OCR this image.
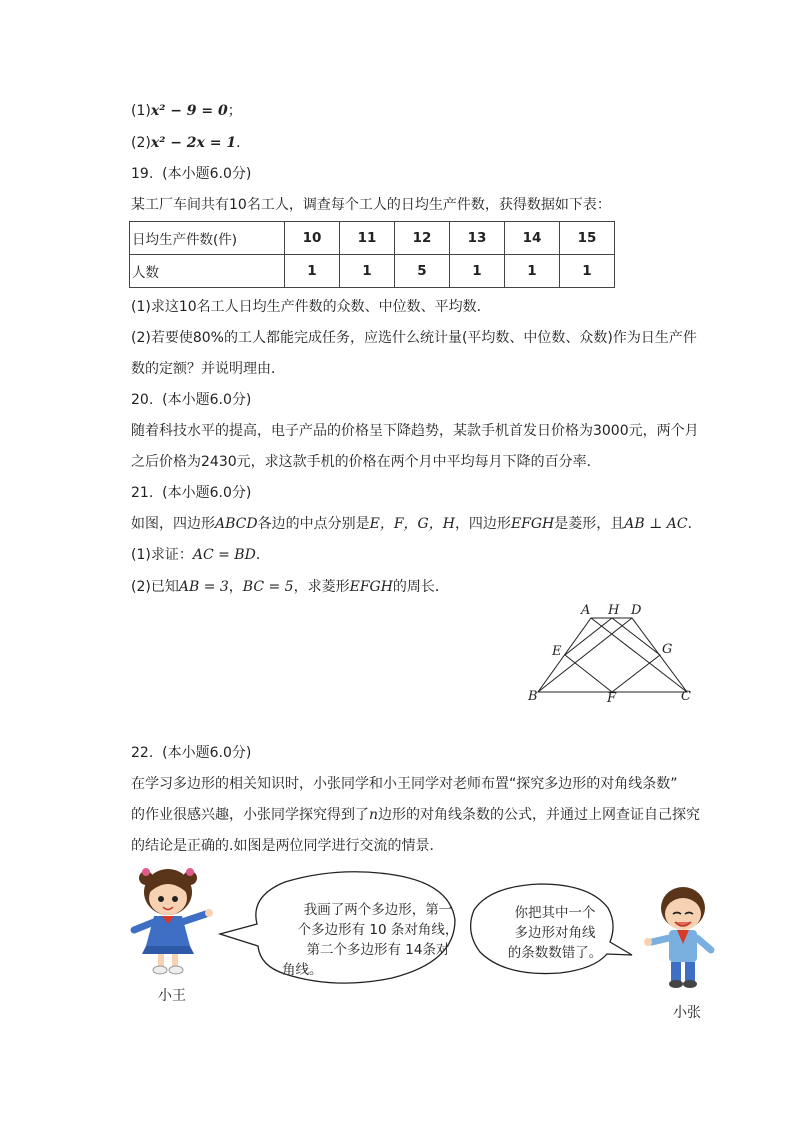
(1)x² − 9 = 0；
(2)x² − 2x = 1．
19. (本小题6.0分)
某工厂车间共有10名工人，调查每个工人的日均生产件数，获得数据如下表：
日均生产件数(件)	10	11	12	13	14	15
人数	1	1	5	1	1	1
(1)求这10名工人日均生产件数的众数、中位数、平均数．
(2)若要使80%的工人都能完成任务，应选什么统计量(平均数、中位数、众数)作为日生产件
数的定额？并说明理由．
20. (本小题6.0分)
随着科技水平的提高，电子产品的价格呈下降趋势，某款手机首发日价格为3000元，两个月
之后价格为2430元，求这款手机的价格在两个月中平均每月下降的百分率．
21. (本小题6.0分)
如图，四边形ABCD各边的中点分别是E，F，G，H，四边形EFGH是菱形，且AB ⊥ AC．
(1)求证：AC = BD．
(2)已知AB = 3，BC = 5，求菱形EFGH的周长．
A H D
E	G
B	F	C
22. (本小题6.0分)
在学习多边形的相关知识时，小张同学和小王同学对老师布置“探究多边形的对角线条数”
的作业很感兴趣，小张同学探究得到了n边形的对角线条数的公式，并通过上网查证自己探究
的结论是正确的.如图是两位同学进行交流的情景．
我画了两个多边形，第一
个多边形有 10 条对角线，
第二个多边形有 14条对
角线。
你把其中一个
多边形对角线
的条数数错了。
小王
小张
